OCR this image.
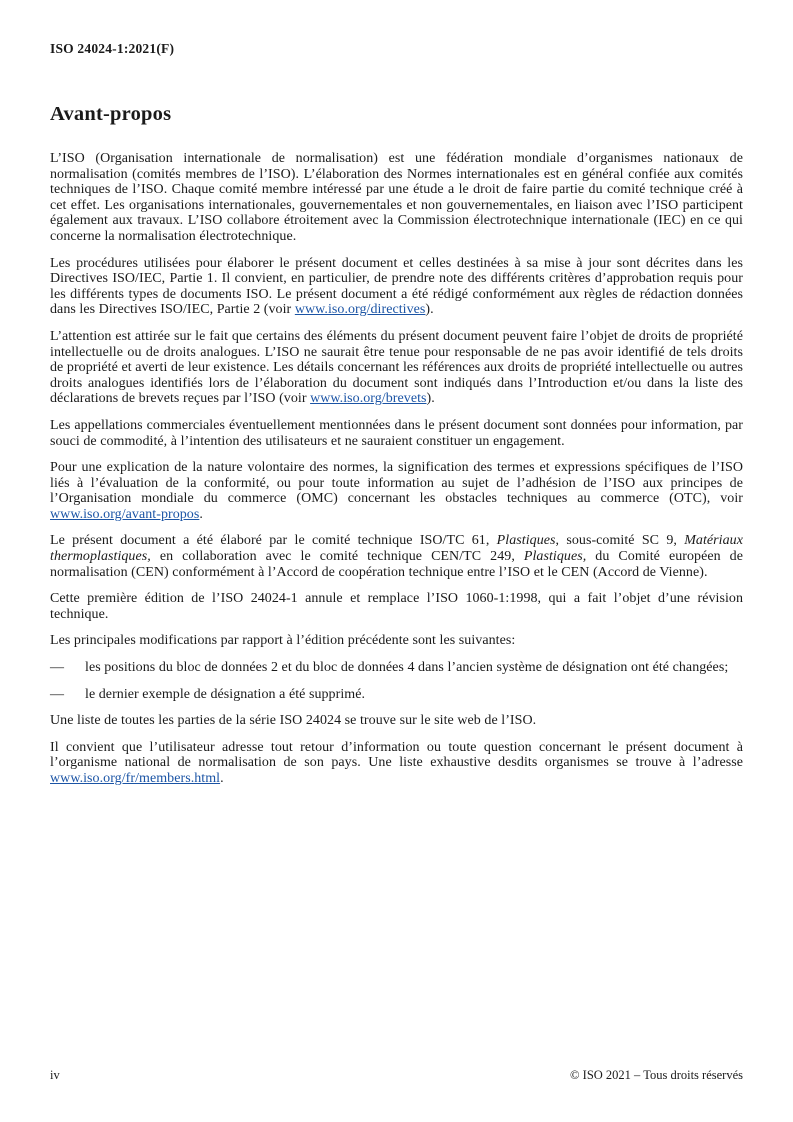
ISO 24024-1:2021(F)
Avant-propos

L’ISO (Organisation internationale de normalisation) est une fédération mondiale d’organismes nationaux de normalisation (comités membres de l’ISO). L’élaboration des Normes internationales est en général confiée aux comités techniques de l’ISO. Chaque comité membre intéressé par une étude a le droit de faire partie du comité technique créé à cet effet. Les organisations internationales, gouvernementales et non gouvernementales, en liaison avec l’ISO participent également aux travaux. L’ISO collabore étroitement avec la Commission électrotechnique internationale (IEC) en ce qui concerne la normalisation électrotechnique.

Les procédures utilisées pour élaborer le présent document et celles destinées à sa mise à jour sont décrites dans les Directives ISO/IEC, Partie 1. Il convient, en particulier, de prendre note des différents critères d’approbation requis pour les différents types de documents ISO. Le présent document a été rédigé conformément aux règles de rédaction données dans les Directives ISO/IEC, Partie 2 (voir www.iso.org/directives).

L’attention est attirée sur le fait que certains des éléments du présent document peuvent faire l’objet de droits de propriété intellectuelle ou de droits analogues. L’ISO ne saurait être tenue pour responsable de ne pas avoir identifié de tels droits de propriété et averti de leur existence. Les détails concernant les références aux droits de propriété intellectuelle ou autres droits analogues identifiés lors de l’élaboration du document sont indiqués dans l’Introduction et/ou dans la liste des déclarations de brevets reçues par l’ISO (voir www.iso.org/brevets).

Les appellations commerciales éventuellement mentionnées dans le présent document sont données pour information, par souci de commodité, à l’intention des utilisateurs et ne sauraient constituer un engagement.

Pour une explication de la nature volontaire des normes, la signification des termes et expressions spécifiques de l’ISO liés à l’évaluation de la conformité, ou pour toute information au sujet de l’adhésion de l’ISO aux principes de l’Organisation mondiale du commerce (OMC) concernant les obstacles techniques au commerce (OTC), voir www.iso.org/avant-propos.

Le présent document a été élaboré par le comité technique ISO/TC 61, Plastiques, sous-comité SC 9, Matériaux thermoplastiques, en collaboration avec le comité technique CEN/TC 249, Plastiques, du Comité européen de normalisation (CEN) conformément à l’Accord de coopération technique entre l’ISO et le CEN (Accord de Vienne).

Cette première édition de l’ISO 24024-1 annule et remplace l’ISO 1060-1:1998, qui a fait l’objet d’une révision technique.

Les principales modifications par rapport à l’édition précédente sont les suivantes:

—	les positions du bloc de données 2 et du bloc de données 4 dans l’ancien système de désignation ont été changées;
—	le dernier exemple de désignation a été supprimé.

Une liste de toutes les parties de la série ISO 24024 se trouve sur le site web de l’ISO.

Il convient que l’utilisateur adresse tout retour d’information ou toute question concernant le présent document à l’organisme national de normalisation de son pays. Une liste exhaustive desdits organismes se trouve à l’adresse www.iso.org/fr/members.html.

iv	© ISO 2021 – Tous droits réservés
